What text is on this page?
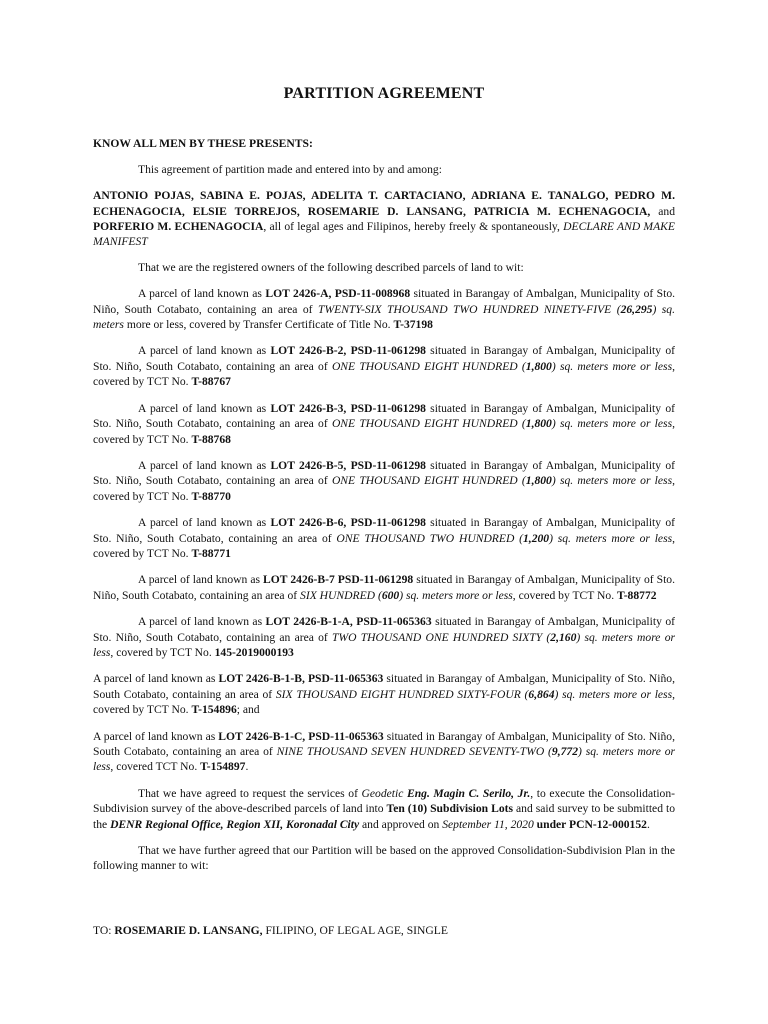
PARTITION AGREEMENT

KNOW ALL MEN BY THESE PRESENTS:

This agreement of partition made and entered into by and among:

ANTONIO POJAS, SABINA E. POJAS, ADELITA T. CARTACIANO, ADRIANA E. TANALGO, PEDRO M. ECHENAGOCIA, ELSIE TORREJOS, ROSEMARIE D. LANSANG, PATRICIA M. ECHENAGOCIA, and PORFERIO M. ECHENAGOCIA, all of legal ages and Filipinos, hereby freely & spontaneously, DECLARE AND MAKE MANIFEST

That we are the registered owners of the following described parcels of land to wit:

A parcel of land known as LOT 2426-A, PSD-11-008968 situated in Barangay of Ambalgan, Municipality of Sto. Niño, South Cotabato, containing an area of TWENTY-SIX THOUSAND TWO HUNDRED NINETY-FIVE (26,295) sq. meters more or less, covered by Transfer Certificate of Title No. T-37198

A parcel of land known as LOT 2426-B-2, PSD-11-061298 situated in Barangay of Ambalgan, Municipality of Sto. Niño, South Cotabato, containing an area of ONE THOUSAND EIGHT HUNDRED (1,800) sq. meters more or less, covered by TCT No. T-88767

A parcel of land known as LOT 2426-B-3, PSD-11-061298 situated in Barangay of Ambalgan, Municipality of Sto. Niño, South Cotabato, containing an area of ONE THOUSAND EIGHT HUNDRED (1,800) sq. meters more or less, covered by TCT No. T-88768

A parcel of land known as LOT 2426-B-5, PSD-11-061298 situated in Barangay of Ambalgan, Municipality of Sto. Niño, South Cotabato, containing an area of ONE THOUSAND EIGHT HUNDRED (1,800) sq. meters more or less, covered by TCT No. T-88770

A parcel of land known as LOT 2426-B-6, PSD-11-061298 situated in Barangay of Ambalgan, Municipality of Sto. Niño, South Cotabato, containing an area of ONE THOUSAND TWO HUNDRED (1,200) sq. meters more or less, covered by TCT No. T-88771

A parcel of land known as LOT 2426-B-7 PSD-11-061298 situated in Barangay of Ambalgan, Municipality of Sto. Niño, South Cotabato, containing an area of SIX HUNDRED (600) sq. meters more or less, covered by TCT No. T-88772

A parcel of land known as LOT 2426-B-1-A, PSD-11-065363 situated in Barangay of Ambalgan, Municipality of Sto. Niño, South Cotabato, containing an area of TWO THOUSAND ONE HUNDRED SIXTY (2,160) sq. meters more or less, covered by TCT No. 145-2019000193

A parcel of land known as LOT 2426-B-1-B, PSD-11-065363 situated in Barangay of Ambalgan, Municipality of Sto. Niño, South Cotabato, containing an area of SIX THOUSAND EIGHT HUNDRED SIXTY-FOUR (6,864) sq. meters more or less, covered by TCT No. T-154896; and

A parcel of land known as LOT 2426-B-1-C, PSD-11-065363 situated in Barangay of Ambalgan, Municipality of Sto. Niño, South Cotabato, containing an area of NINE THOUSAND SEVEN HUNDRED SEVENTY-TWO (9,772) sq. meters more or less, covered TCT No. T-154897.

That we have agreed to request the services of Geodetic Eng. Magin C. Serilo, Jr., to execute the Consolidation-Subdivision survey of the above-described parcels of land into Ten (10) Subdivision Lots and said survey to be submitted to the DENR Regional Office, Region XII, Koronadal City and approved on September 11, 2020 under PCN-12-000152.

That we have further agreed that our Partition will be based on the approved Consolidation-Subdivision Plan in the following manner to wit:

TO: ROSEMARIE D. LANSANG, FILIPINO, OF LEGAL AGE, SINGLE
